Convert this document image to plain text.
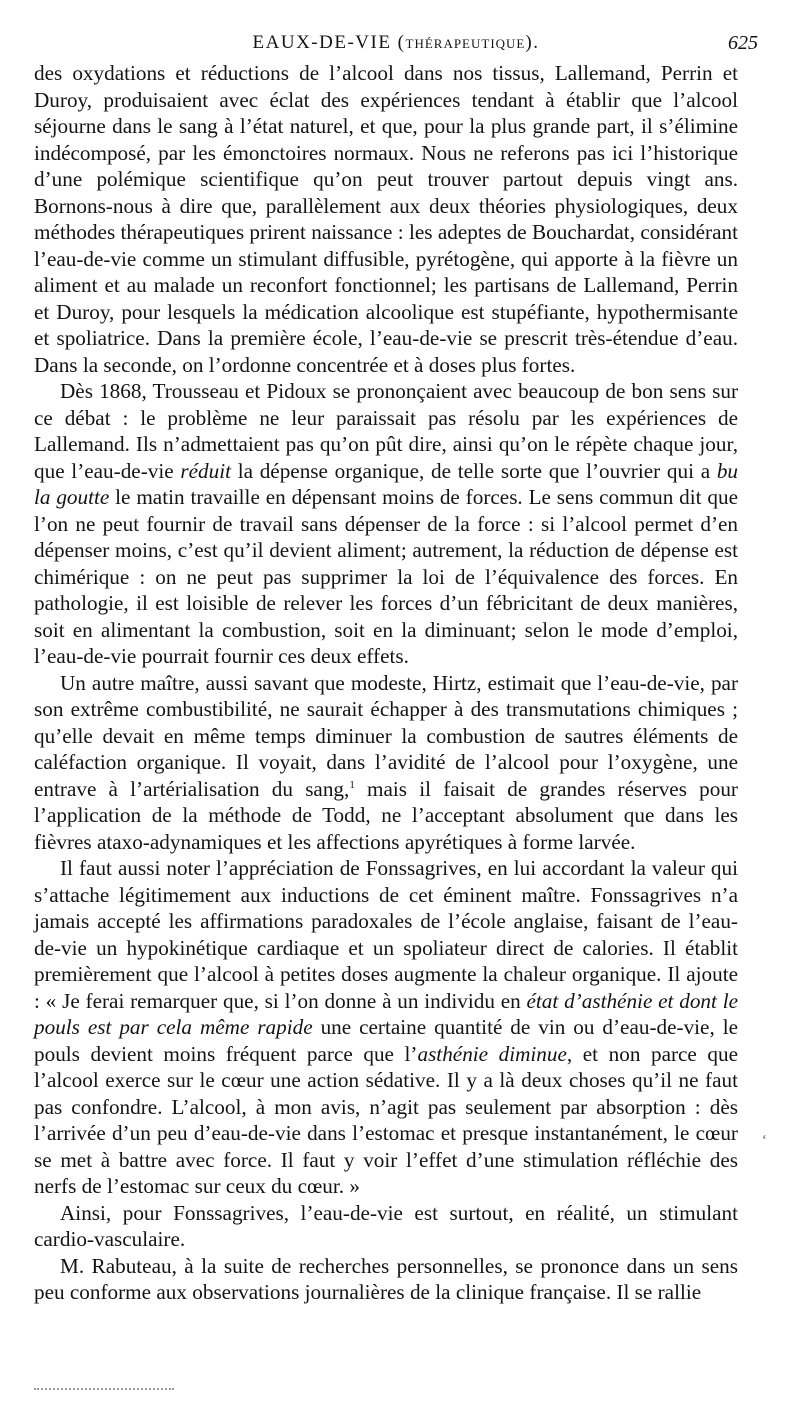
EAUX-DE-VIE (THÉRAPEUTIQUE).	625

des oxydations et réductions de l’alcool dans nos tissus, Lallemand, Perrin et Duroy, produisaient avec éclat des expériences tendant à établir que l’alcool séjourne dans le sang à l’état naturel, et que, pour la plus grande part, il s’élimine indécomposé, par les émonctoires normaux. Nous ne referons pas ici l’historique d’une polémique scientifique qu’on peut trouver partout depuis vingt ans. Bornons-nous à dire que, parallèlement aux deux théories physiologiques, deux méthodes thérapeutiques prirent naissance : les adeptes de Bouchardat, considérant l’eau-de-vie comme un stimulant diffusible, pyrétogène, qui apporte à la fièvre un aliment et au malade un reconfort fonctionnel; les partisans de Lallemand, Perrin et Duroy, pour lesquels la médication alcoolique est stupéfiante, hypothermisante et spoliatrice. Dans la première école, l’eau-de-vie se prescrit très-étendue d’eau. Dans la seconde, on l’ordonne concentrée et à doses plus fortes.

Dès 1868, Trousseau et Pidoux se prononçaient avec beaucoup de bon sens sur ce débat : le problème ne leur paraissait pas résolu par les expériences de Lallemand. Ils n’admettaient pas qu’on pût dire, ainsi qu’on le répète chaque jour, que l’eau-de-vie réduit la dépense organique, de telle sorte que l’ouvrier qui a bu la goutte le matin travaille en dépensant moins de forces. Le sens commun dit que l’on ne peut fournir de travail sans dépenser de la force : si l’alcool permet d’en dépenser moins, c’est qu’il devient aliment; autrement, la réduction de dépense est chimérique : on ne peut pas supprimer la loi de l’équivalence des forces. En pathologie, il est loisible de relever les forces d’un fébricitant de deux manières, soit en alimentant la combustion, soit en la diminuant; selon le mode d’emploi, l’eau-de-vie pourrait fournir ces deux effets.

Un autre maître, aussi savant que modeste, Hirtz, estimait que l’eau-de-vie, par son extrême combustibilité, ne saurait échapper à des transmutations chimiques ; qu’elle devait en même temps diminuer la combustion de sautres éléments de caléfaction organique. Il voyait, dans l’avidité de l’alcool pour l’oxygène, une entrave à l’artérialisation du sang,$^1$ mais il faisait de grandes réserves pour l’application de la méthode de Todd, ne l’acceptant absolument que dans les fièvres ataxo-adynamiques et les affections apyrétiques à forme larvée.

Il faut aussi noter l’appréciation de Fonssagrives, en lui accordant la valeur qui s’attache légitimement aux inductions de cet éminent maître. Fonssagrives n’a jamais accepté les affirmations paradoxales de l’école anglaise, faisant de l’eau-de-vie un hypokinétique cardiaque et un spoliateur direct de calories. Il établit premièrement que l’alcool à petites doses augmente la chaleur organique. Il ajoute : « Je ferai remarquer que, si l’on donne à un individu en état d’asthénie et dont le pouls est par cela même rapide une certaine quantité de vin ou d’eau-de-vie, le pouls devient moins fréquent parce que l’asthénie diminue, et non parce que l’alcool exerce sur le cœur une action sédative. Il y a là deux choses qu’il ne faut pas confondre. L’alcool, à mon avis, n’agit pas seulement par absorption : dès l’arrivée d’un peu d’eau-de-vie dans l’estomac et presque instantanément, le cœur se met à battre avec force. Il faut y voir l’effet d’une stimulation réfléchie des nerfs de l’estomac sur ceux du cœur. »

Ainsi, pour Fonssagrives, l’eau-de-vie est surtout, en réalité, un stimulant cardio-vasculaire.

M. Rabuteau, à la suite de recherches personnelles, se prononce dans un sens peu conforme aux observations journalières de la clinique française. Il se rallie

‘
